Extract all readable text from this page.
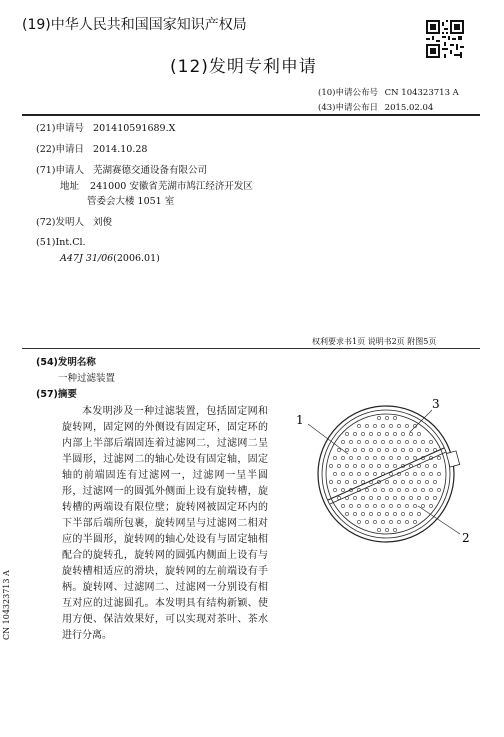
(19)中华人民共和国国家知识产权局
(12)发明专利申请
(10)申请公布号 CN 104323713 A
(43)申请公布日 2015.02.04
(21)申请号 201410591689.X
(22)申请日 2014.10.28
(71)申请人 芜湖赛德交通设备有限公司
地址 241000 安徽省芜湖市鸠江经济开发区
管委会大楼 1051 室
(72)发明人 刘俊
(51)Int.Cl.
A47J 31/06(2006.01)
权利要求书1页 说明书2页 附图5页
(54)发明名称
一种过滤装置
(57)摘要
本发明涉及一种过滤装置，包括固定网和旋转网，固定网的外侧设有固定环，固定环的内部上半部后端固连着过滤网二，过滤网二呈半圆形，过滤网二的轴心处设有固定轴，固定轴的前端固连有过滤网一，过滤网一呈半圆形，过滤网一的圆弧外侧面上设有旋转槽，旋转槽的两端设有限位壁；旋转网被固定环内的下半部后端所包裹，旋转网呈与过滤网二相对应的半圆形，旋转网的轴心处设有与固定轴相配合的旋转孔，旋转网的圆弧内侧面上设有与旋转槽相适应的滑块，旋转网的左前端设有手柄。旋转网、过滤网二、过滤网一分别设有相互对应的过滤圆孔。本发明具有结构新颖、使用方便、保洁效果好，可以实现对茶叶、茶水进行分离。
1
3
2
CN 104323713 A
